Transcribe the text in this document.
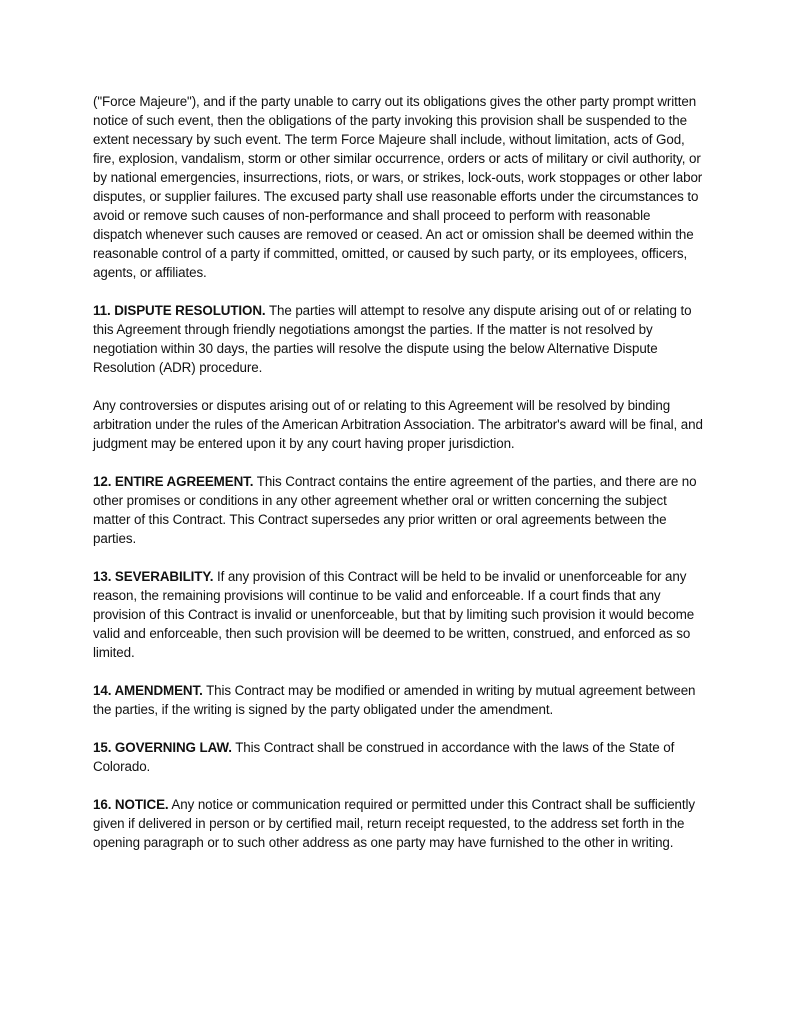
("Force Majeure"), and if the party unable to carry out its obligations gives the other party prompt written notice of such event, then the obligations of the party invoking this provision shall be suspended to the extent necessary by such event. The term Force Majeure shall include, without limitation, acts of God, fire, explosion, vandalism, storm or other similar occurrence, orders or acts of military or civil authority, or by national emergencies, insurrections, riots, or wars, or strikes, lock-outs, work stoppages or other labor disputes, or supplier failures. The excused party shall use reasonable efforts under the circumstances to avoid or remove such causes of non-performance and shall proceed to perform with reasonable dispatch whenever such causes are removed or ceased. An act or omission shall be deemed within the reasonable control of a party if committed, omitted, or caused by such party, or its employees, officers, agents, or affiliates.

11. DISPUTE RESOLUTION. The parties will attempt to resolve any dispute arising out of or relating to this Agreement through friendly negotiations amongst the parties. If the matter is not resolved by negotiation within 30 days, the parties will resolve the dispute using the below Alternative Dispute Resolution (ADR) procedure.

Any controversies or disputes arising out of or relating to this Agreement will be resolved by binding arbitration under the rules of the American Arbitration Association. The arbitrator's award will be final, and judgment may be entered upon it by any court having proper jurisdiction.

12. ENTIRE AGREEMENT. This Contract contains the entire agreement of the parties, and there are no other promises or conditions in any other agreement whether oral or written concerning the subject matter of this Contract. This Contract supersedes any prior written or oral agreements between the parties.

13. SEVERABILITY. If any provision of this Contract will be held to be invalid or unenforceable for any reason, the remaining provisions will continue to be valid and enforceable. If a court finds that any provision of this Contract is invalid or unenforceable, but that by limiting such provision it would become valid and enforceable, then such provision will be deemed to be written, construed, and enforced as so limited.

14. AMENDMENT. This Contract may be modified or amended in writing by mutual agreement between the parties, if the writing is signed by the party obligated under the amendment.

15. GOVERNING LAW. This Contract shall be construed in accordance with the laws of the State of Colorado.

16. NOTICE. Any notice or communication required or permitted under this Contract shall be sufficiently given if delivered in person or by certified mail, return receipt requested, to the address set forth in the opening paragraph or to such other address as one party may have furnished to the other in writing.
